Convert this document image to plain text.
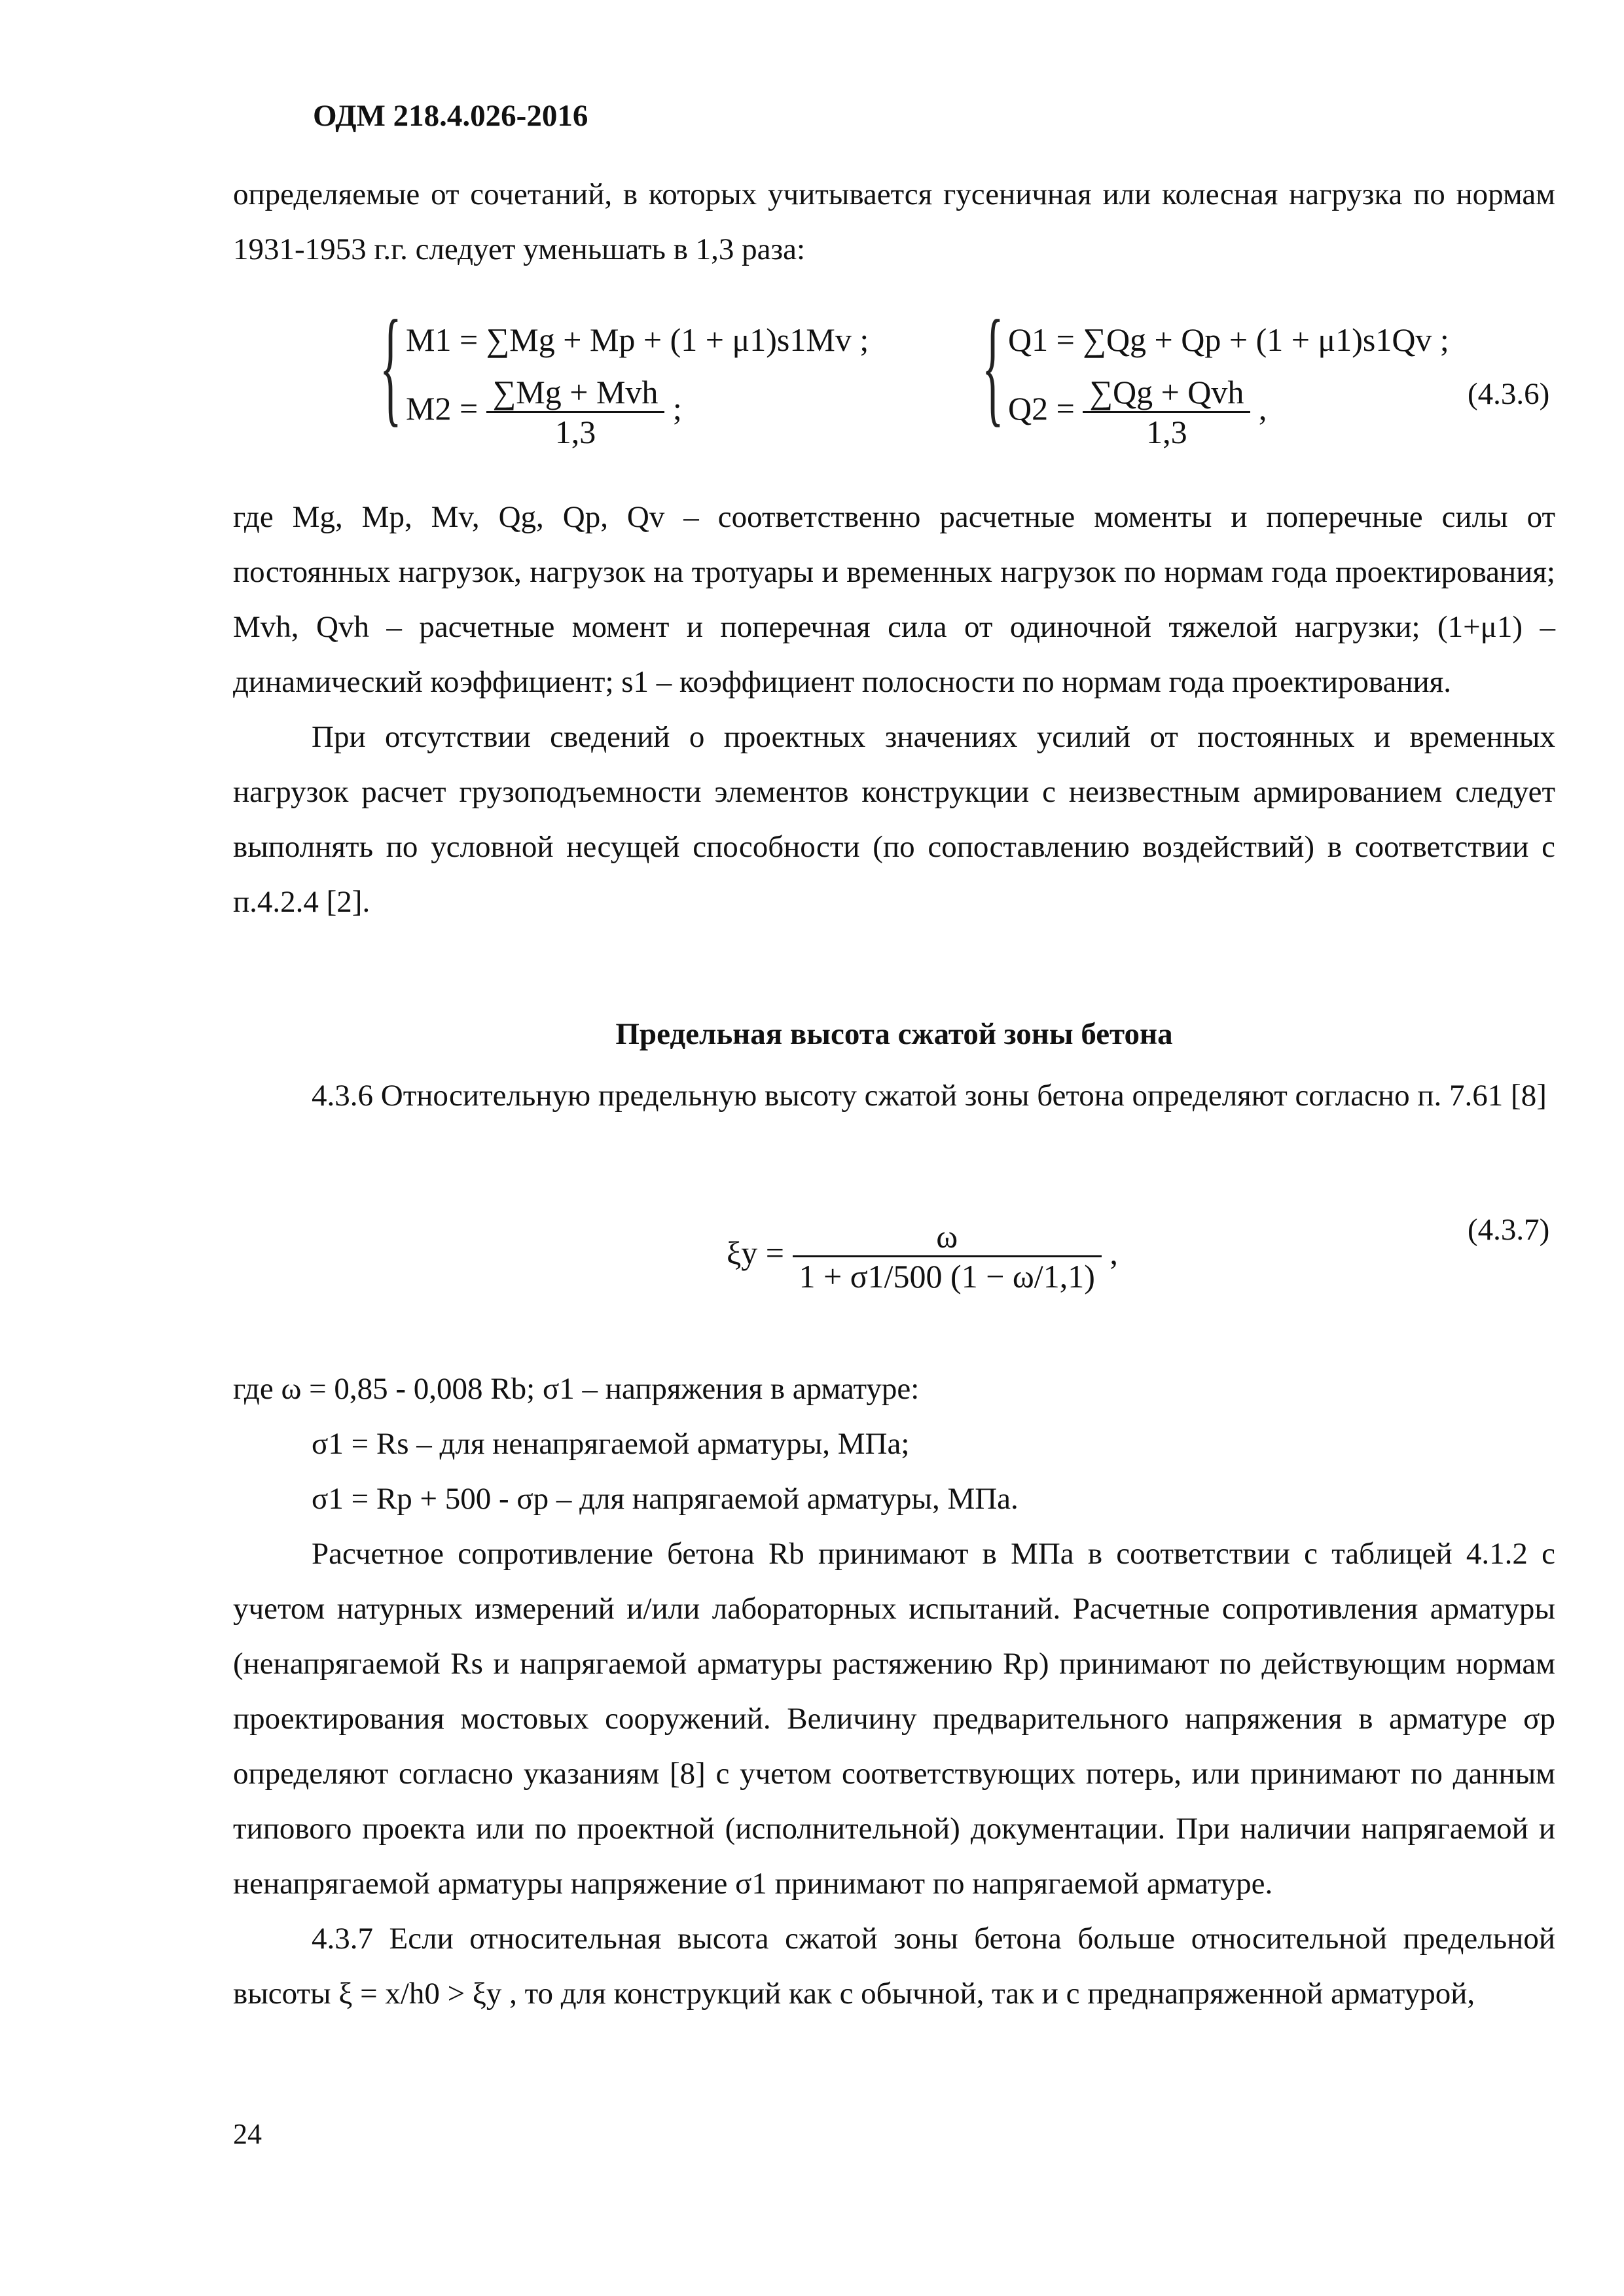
ОДМ 218.4.026-2016

определяемые от сочетаний, в которых учитывается гусеничная или колесная нагрузка по нормам 1931-1953 г.г. следует уменьшать в 1,3 раза:

{ M1 = ∑Mg + Mp + (1 + μ1)s1Mv ;
$M2 = \frac{\text{∑Mg + Mvh}}{1,3}$ ; { Q1 = ∑Qg + Qp + (1 + μ1)s1Qv ;
$Q2 = \frac{\text{∑Qg + Qvh}}{1,3}$ ,	(4.3.6)

где Mg, Mp, Mv, Qg, Qp, Qv – соответственно расчетные моменты и поперечные силы от постоянных нагрузок, нагрузок на тротуары и временных нагрузок по нормам года проектирования; Mvh, Qvh – расчетные момент и поперечная сила от одиночной тяжелой нагрузки; (1+μ1) – динамический коэффициент; s1 – коэффициент полосности по нормам года проектирования.

При отсутствии сведений о проектных значениях усилий от постоянных и временных нагрузок расчет грузоподъемности элементов конструкции с неизвестным армированием следует выполнять по условной несущей способности (по сопоставлению воздействий) в соответствии с п.4.2.4 [2].

Предельная высота сжатой зоны бетона

4.3.6 Относительную предельную высоту сжатой зоны бетона определяют согласно п. 7.61 [8]

$\xi y = \frac{\omega}{1 + \sigma 1/500 (1 - \omega/1,1)}$ ,
(4.3.7)

где ω = 0,85 - 0,008 Rb; σ1 – напряжения в арматуре:

σ1 = Rs – для ненапрягаемой арматуры, МПа;

σ1 = Rp + 500 - σp – для напрягаемой арматуры, МПа.

Расчетное сопротивление бетона Rb принимают в МПа в соответствии с таблицей 4.1.2 с учетом натурных измерений и/или лабораторных испытаний. Расчетные сопротивления арматуры (ненапрягаемой Rs и напрягаемой арматуры растяжению Rp) принимают по действующим нормам проектирования мостовых сооружений. Величину предварительного напряжения в арматуре σp определяют согласно указаниям [8] с учетом соответствующих потерь, или принимают по данным типового проекта или по проектной (исполнительной) документации. При наличии напрягаемой и ненапрягаемой арматуры напряжение σ1 принимают по напрягаемой арматуре.

4.3.7 Если относительная высота сжатой зоны бетона больше относительной предельной высоты ξ = x/h0 > ξy , то для конструкций как с обычной, так и с преднапряженной арматурой,

24
